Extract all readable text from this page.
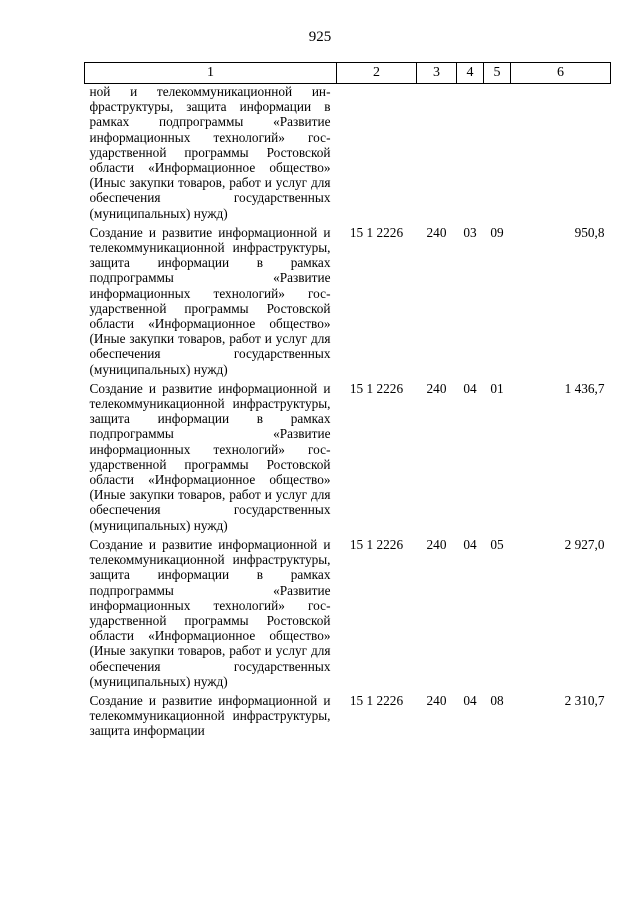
925
1	2	3	4	5	6
ной и телекоммуникационной инфраструктуры, защита информации в рамках подпрограммы «Развитие информационных технологий» государственной программы Ростовской области «Информационное общество» (Иныс закупки товаров, работ и услуг для обеспечения государственных (муниципальных) нужд)					
Создание и развитие информационной и телекоммуникационной инфраструктуры, защита информации в рамках подпрограммы «Развитие информационных технологий» государственной программы Ростовской области «Информационное общество» (Иные закупки товаров, работ и услуг для обеспечения государственных (муниципальных) нужд)	15 1 2226	240	03	09	950,8
Создание и развитие информационной и телекоммуникационной инфраструктуры, защита информации в рамках подпрограммы «Развитие информационных технологий» государственной программы Ростовской области «Информационное общество» (Иные закупки товаров, работ и услуг для обеспечения государственных (муниципальных) нужд)	15 1 2226	240	04	01	1 436,7
Создание и развитие информационной и телекоммуникационной инфраструктуры, защита информации в рамках подпрограммы «Развитие информационных технологий» государственной программы Ростовской области «Информационное общество» (Иные закупки товаров, работ и услуг для обеспечения государственных (муниципальных) нужд)	15 1 2226	240	04	05	2 927,0
Создание и развитие информационной и телекоммуникационной инфраструктуры, защита информации	15 1 2226	240	04	08	2 310,7
